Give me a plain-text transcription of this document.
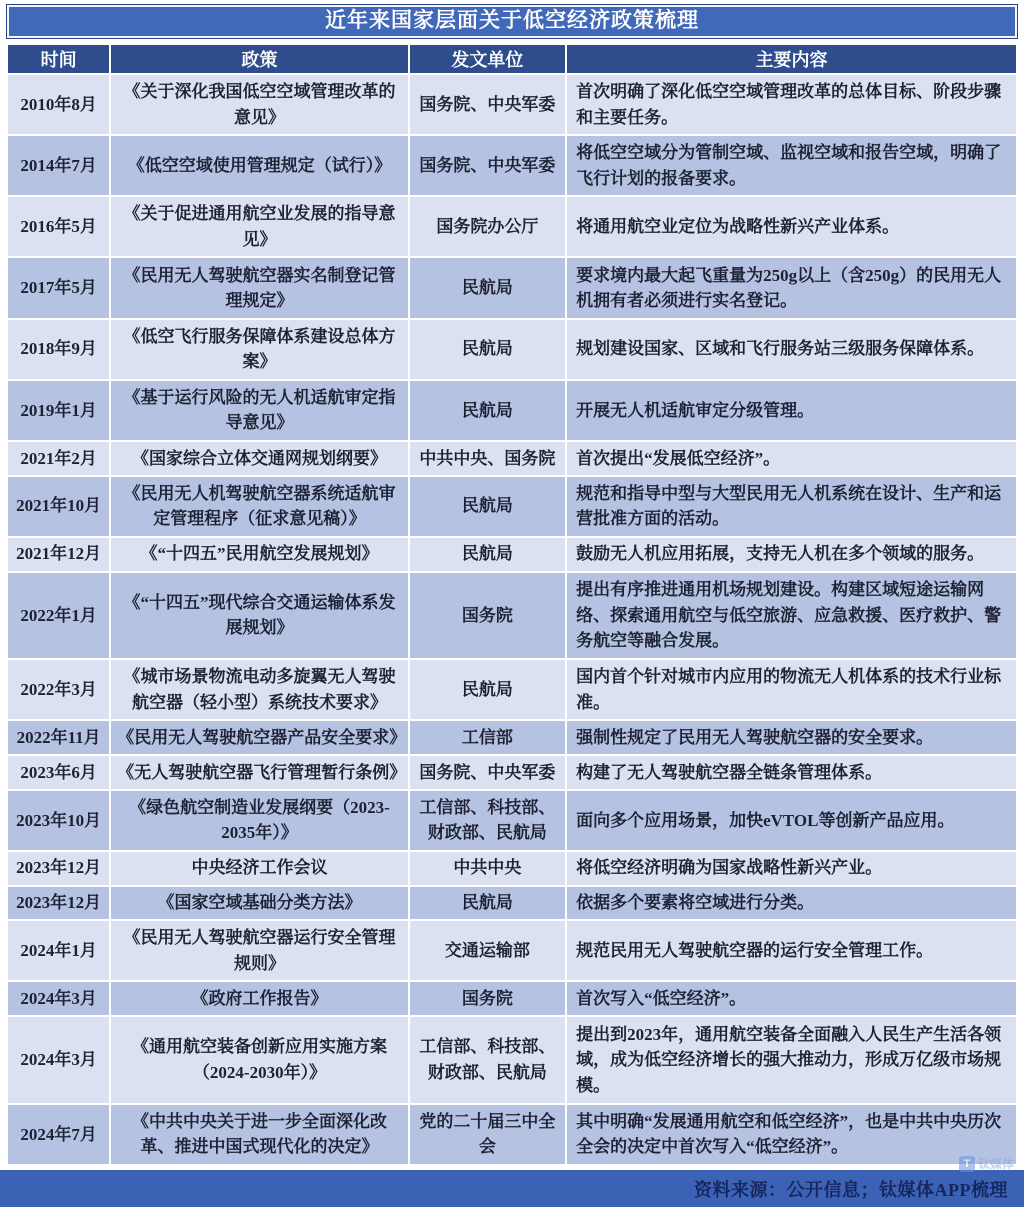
近年来国家层面关于低空经济政策梳理
时间	政策	发文单位	主要内容
2010年8月	《关于深化我国低空空域管理改革的意见》	国务院、中央军委	首次明确了深化低空空域管理改革的总体目标、阶段步骤和主要任务。
2014年7月	《低空空域使用管理规定（试行）》	国务院、中央军委	将低空空域分为管制空域、监视空域和报告空域，明确了飞行计划的报备要求。
2016年5月	《关于促进通用航空业发展的指导意见》	国务院办公厅	将通用航空业定位为战略性新兴产业体系。
2017年5月	《民用无人驾驶航空器实名制登记管理规定》	民航局	要求境内最大起飞重量为250g以上（含250g）的民用无人机拥有者必须进行实名登记。
2018年9月	《低空飞行服务保障体系建设总体方案》	民航局	规划建设国家、区域和飞行服务站三级服务保障体系。
2019年1月	《基于运行风险的无人机适航审定指导意见》	民航局	开展无人机适航审定分级管理。
2021年2月	《国家综合立体交通网规划纲要》	中共中央、国务院	首次提出“发展低空经济”。
2021年10月	《民用无人机驾驶航空器系统适航审定管理程序（征求意见稿）》	民航局	规范和指导中型与大型民用无人机系统在设计、生产和运营批准方面的活动。
2021年12月	《“十四五”民用航空发展规划》	民航局	鼓励无人机应用拓展，支持无人机在多个领域的服务。
2022年1月	《“十四五”现代综合交通运输体系发展规划》	国务院	提出有序推进通用机场规划建设。构建区域短途运输网络、探索通用航空与低空旅游、应急救援、医疗救护、警务航空等融合发展。
2022年3月	《城市场景物流电动多旋翼无人驾驶航空器（轻小型）系统技术要求》	民航局	国内首个针对城市内应用的物流无人机体系的技术行业标准。
2022年11月	《民用无人驾驶航空器产品安全要求》	工信部	强制性规定了民用无人驾驶航空器的安全要求。
2023年6月	《无人驾驶航空器飞行管理暂行条例》	国务院、中央军委	构建了无人驾驶航空器全链条管理体系。
2023年10月	《绿色航空制造业发展纲要（2023-2035年）》	工信部、科技部、财政部、民航局	面向多个应用场景，加快eVTOL等创新产品应用。
2023年12月	中央经济工作会议	中共中央	将低空经济明确为国家战略性新兴产业。
2023年12月	《国家空域基础分类方法》	民航局	依据多个要素将空域进行分类。
2024年1月	《民用无人驾驶航空器运行安全管理规则》	交通运输部	规范民用无人驾驶航空器的运行安全管理工作。
2024年3月	《政府工作报告》	国务院	首次写入“低空经济”。
2024年3月	《通用航空装备创新应用实施方案（2024-2030年）》	工信部、科技部、财政部、民航局	提出到2023年，通用航空装备全面融入人民生产生活各领域，成为低空经济增长的强大推动力，形成万亿级市场规模。
2024年7月	《中共中央关于进一步全面深化改革、推进中国式现代化的决定》	党的二十届三中全会	其中明确“发展通用航空和低空经济”，也是中共中央历次全会的决定中首次写入“低空经济”。
T 钛媒体
资料来源：公开信息；钛媒体APP梳理
